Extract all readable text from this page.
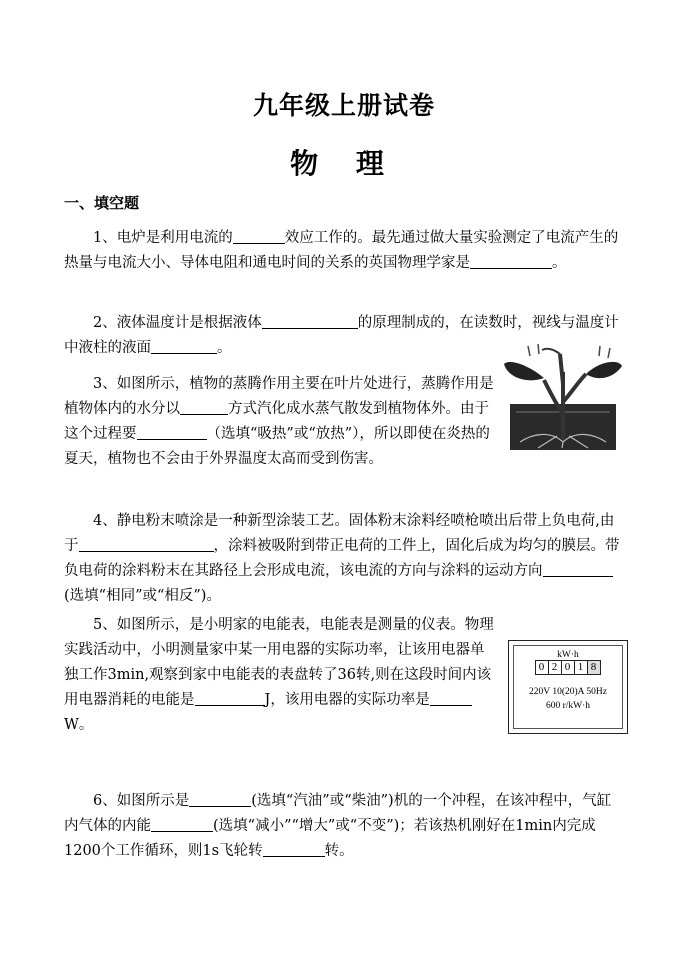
九年级上册试卷
物 理
一、填空题

1、电炉是利用电流的	效应工作的。最先通过做大量实验测定了电流产生的热量与电流大小、导体电阻和通电时间的关系的英国物理学家是	。

2、液体温度计是根据液体	的原理制成的，在读数时，视线与温度计中液柱的液面	。

3、如图所示，植物的蒸腾作用主要在叶片处进行，蒸腾作用是植物体内的水分以	方式汽化成水蒸气散发到植物体外。由于这个过程要	（选填“吸热”或“放热”），所以即使在炎热的夏天，植物也不会由于外界温度太高而受到伤害。

4、静电粉末喷涂是一种新型涂装工艺。固体粉末涂料经喷枪喷出后带上负电荷,由于	，涂料被吸附到带正电荷的工件上，固化后成为均匀的膜层。带负电荷的涂料粉末在其路径上会形成电流，该电流的方向与涂料的运动方向(选填“相同”或“相反”)。

5、如图所示，是小明家的电能表，电能表是测量的仪表。物理实践活动中，小明测量家中某一用电器的实际功率，让该用电器单独工作3min,观察到家中电能表的表盘转了36转,则在这段时间内该用电器消耗的电能是	J，该用电器的实际功率是W。

kW·h
0 2 0 1 8
220V 10(20)A 50Hz
600 r/kW·h

6、如图所示是	(选填“汽油”或“柴油”)机的一个冲程，在该冲程中，气缸内气体的内能	(选填“减小”“增大”或“不变”)；若该热机刚好在1min内完成1200个工作循环，则1s飞轮转	转。
